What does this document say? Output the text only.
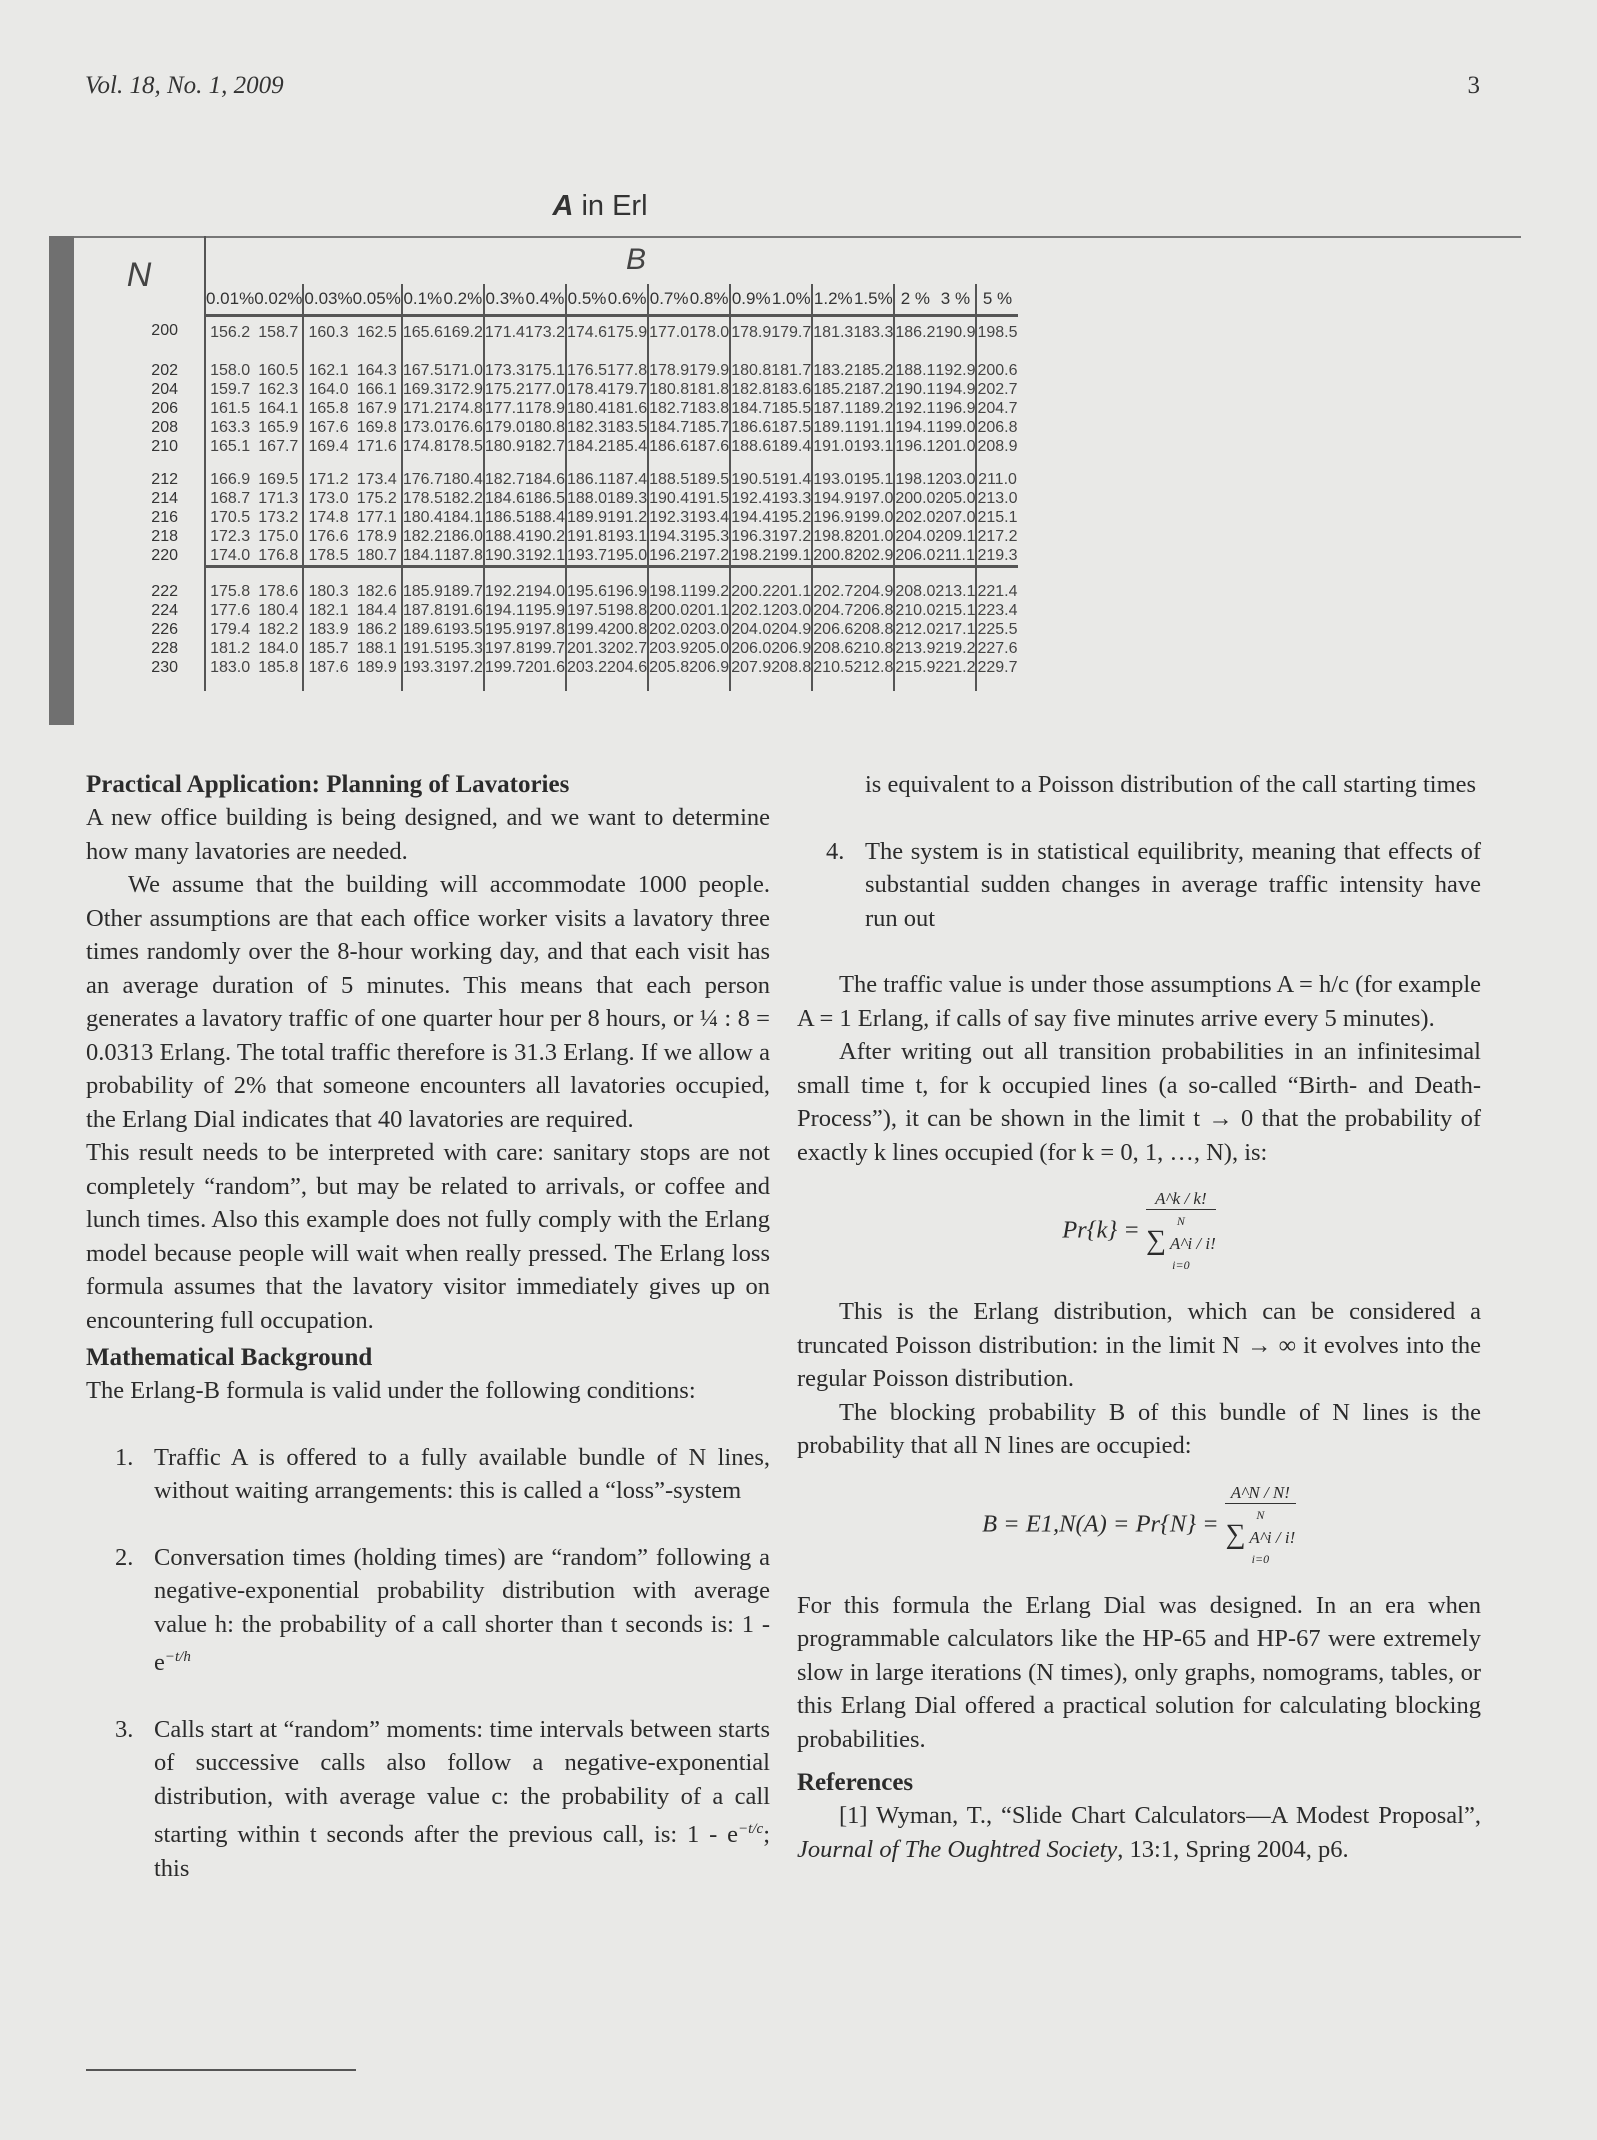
Vol. 18, No. 1, 2009	3
A in Erl
N	B																		
	0.01%	0.02%	0.03%	0.05%	0.1%	0.2%	0.3%	0.4%	0.5%	0.6%	0.7%	0.8%	0.9%	1.0%	1.2%	1.5%	2 %	3 %	5 %
200	156.2	158.7	160.3	162.5	165.6	169.2	171.4	173.2	174.6	175.9	177.0	178.0	178.9	179.7	181.3	183.3	186.2	190.9	198.5

202	158.0	160.5	162.1	164.3	167.5	171.0	173.3	175.1	176.5	177.8	178.9	179.9	180.8	181.7	183.2	185.2	188.1	192.9	200.6
204	159.7	162.3	164.0	166.1	169.3	172.9	175.2	177.0	178.4	179.7	180.8	181.8	182.8	183.6	185.2	187.2	190.1	194.9	202.7
206	161.5	164.1	165.8	167.9	171.2	174.8	177.1	178.9	180.4	181.6	182.7	183.8	184.7	185.5	187.1	189.2	192.1	196.9	204.7
208	163.3	165.9	167.6	169.8	173.0	176.6	179.0	180.8	182.3	183.5	184.7	185.7	186.6	187.5	189.1	191.1	194.1	199.0	206.8
210	165.1	167.7	169.4	171.6	174.8	178.5	180.9	182.7	184.2	185.4	186.6	187.6	188.6	189.4	191.0	193.1	196.1	201.0	208.9

212	166.9	169.5	171.2	173.4	176.7	180.4	182.7	184.6	186.1	187.4	188.5	189.5	190.5	191.4	193.0	195.1	198.1	203.0	211.0
214	168.7	171.3	173.0	175.2	178.5	182.2	184.6	186.5	188.0	189.3	190.4	191.5	192.4	193.3	194.9	197.0	200.0	205.0	213.0
216	170.5	173.2	174.8	177.1	180.4	184.1	186.5	188.4	189.9	191.2	192.3	193.4	194.4	195.2	196.9	199.0	202.0	207.0	215.1
218	172.3	175.0	176.6	178.9	182.2	186.0	188.4	190.2	191.8	193.1	194.3	195.3	196.3	197.2	198.8	201.0	204.0	209.1	217.2
220	174.0	176.8	178.5	180.7	184.1	187.8	190.3	192.1	193.7	195.0	196.2	197.2	198.2	199.1	200.8	202.9	206.0	211.1	219.3

222	175.8	178.6	180.3	182.6	185.9	189.7	192.2	194.0	195.6	196.9	198.1	199.2	200.2	201.1	202.7	204.9	208.0	213.1	221.4
224	177.6	180.4	182.1	184.4	187.8	191.6	194.1	195.9	197.5	198.8	200.0	201.1	202.1	203.0	204.7	206.8	210.0	215.1	223.4
226	179.4	182.2	183.9	186.2	189.6	193.5	195.9	197.8	199.4	200.8	202.0	203.0	204.0	204.9	206.6	208.8	212.0	217.1	225.5
228	181.2	184.0	185.7	188.1	191.5	195.3	197.8	199.7	201.3	202.7	203.9	205.0	206.0	206.9	208.6	210.8	213.9	219.2	227.6
230	183.0	185.8	187.6	189.9	193.3	197.2	199.7	201.6	203.2	204.6	205.8	206.9	207.9	208.8	210.5	212.8	215.9	221.2	229.7

Practical Application: Planning of Lavatories

A new office building is being designed, and we want to determine how many lavatories are needed.

We assume that the building will accommodate 1000 people. Other assumptions are that each office worker visits a lavatory three times randomly over the 8-hour working day, and that each visit has an average duration of 5 minutes. This means that each person generates a lavatory traffic of one quarter hour per 8 hours, or ¼ : 8 = 0.0313 Erlang. The total traffic therefore is 31.3 Erlang. If we allow a probability of 2% that someone encounters all lavatories occupied, the Erlang Dial indicates that 40 lavatories are required.

This result needs to be interpreted with care: sanitary stops are not completely “random”, but may be related to arrivals, or coffee and lunch times. Also this example does not fully comply with the Erlang model because people will wait when really pressed. The Erlang loss formula assumes that the lavatory visitor immediately gives up on encountering full occupation.

Mathematical Background

The Erlang-B formula is valid under the following conditions:

1. Traffic A is offered to a fully available bundle of N lines, without waiting arrangements: this is called a “loss”-system
2. Conversation times (holding times) are “random” following a negative-exponential probability distribution with average value h: the probability of a call shorter than t seconds is: $1 - e^{-t/h}$
3. Calls start at “random” moments: time intervals between starts of successive calls also follow a negative-exponential distribution, with average value c: the probability of a call starting within t seconds after the previous call, is: $1 - e^{-t/c}$; this

is equivalent to a Poisson distribution of the call starting times

4. The system is in statistical equilibrity, meaning that effects of substantial sudden changes in average traffic intensity have run out

The traffic value is under those assumptions A = h/c (for example A = 1 Erlang, if calls of say five minutes arrive every 5 minutes).

After writing out all transition probabilities in an infinitesimal small time t, for k occupied lines (a so-called “Birth- and Death-Process”), it can be shown in the limit t → 0 that the probability of exactly k lines occupied (for k = 0, 1, …, N), is:

Pr{k} =
A^k / k!
N
∑ A^i / i!
i=0

This is the Erlang distribution, which can be considered a truncated Poisson distribution: in the limit N → ∞ it evolves into the regular Poisson distribution.

The blocking probability B of this bundle of N lines is the probability that all N lines are occupied:

B = E1,N(A) = Pr{N} =
A^N / N!
N
∑ A^i / i!
i=0

For this formula the Erlang Dial was designed. In an era when programmable calculators like the HP-65 and HP-67 were extremely slow in large iterations (N times), only graphs, nomograms, tables, or this Erlang Dial offered a practical solution for calculating blocking probabilities.

References

[1] Wyman, T., “Slide Chart Calculators—A Modest Proposal”, Journal of The Oughtred Society, 13:1, Spring 2004, p6.
